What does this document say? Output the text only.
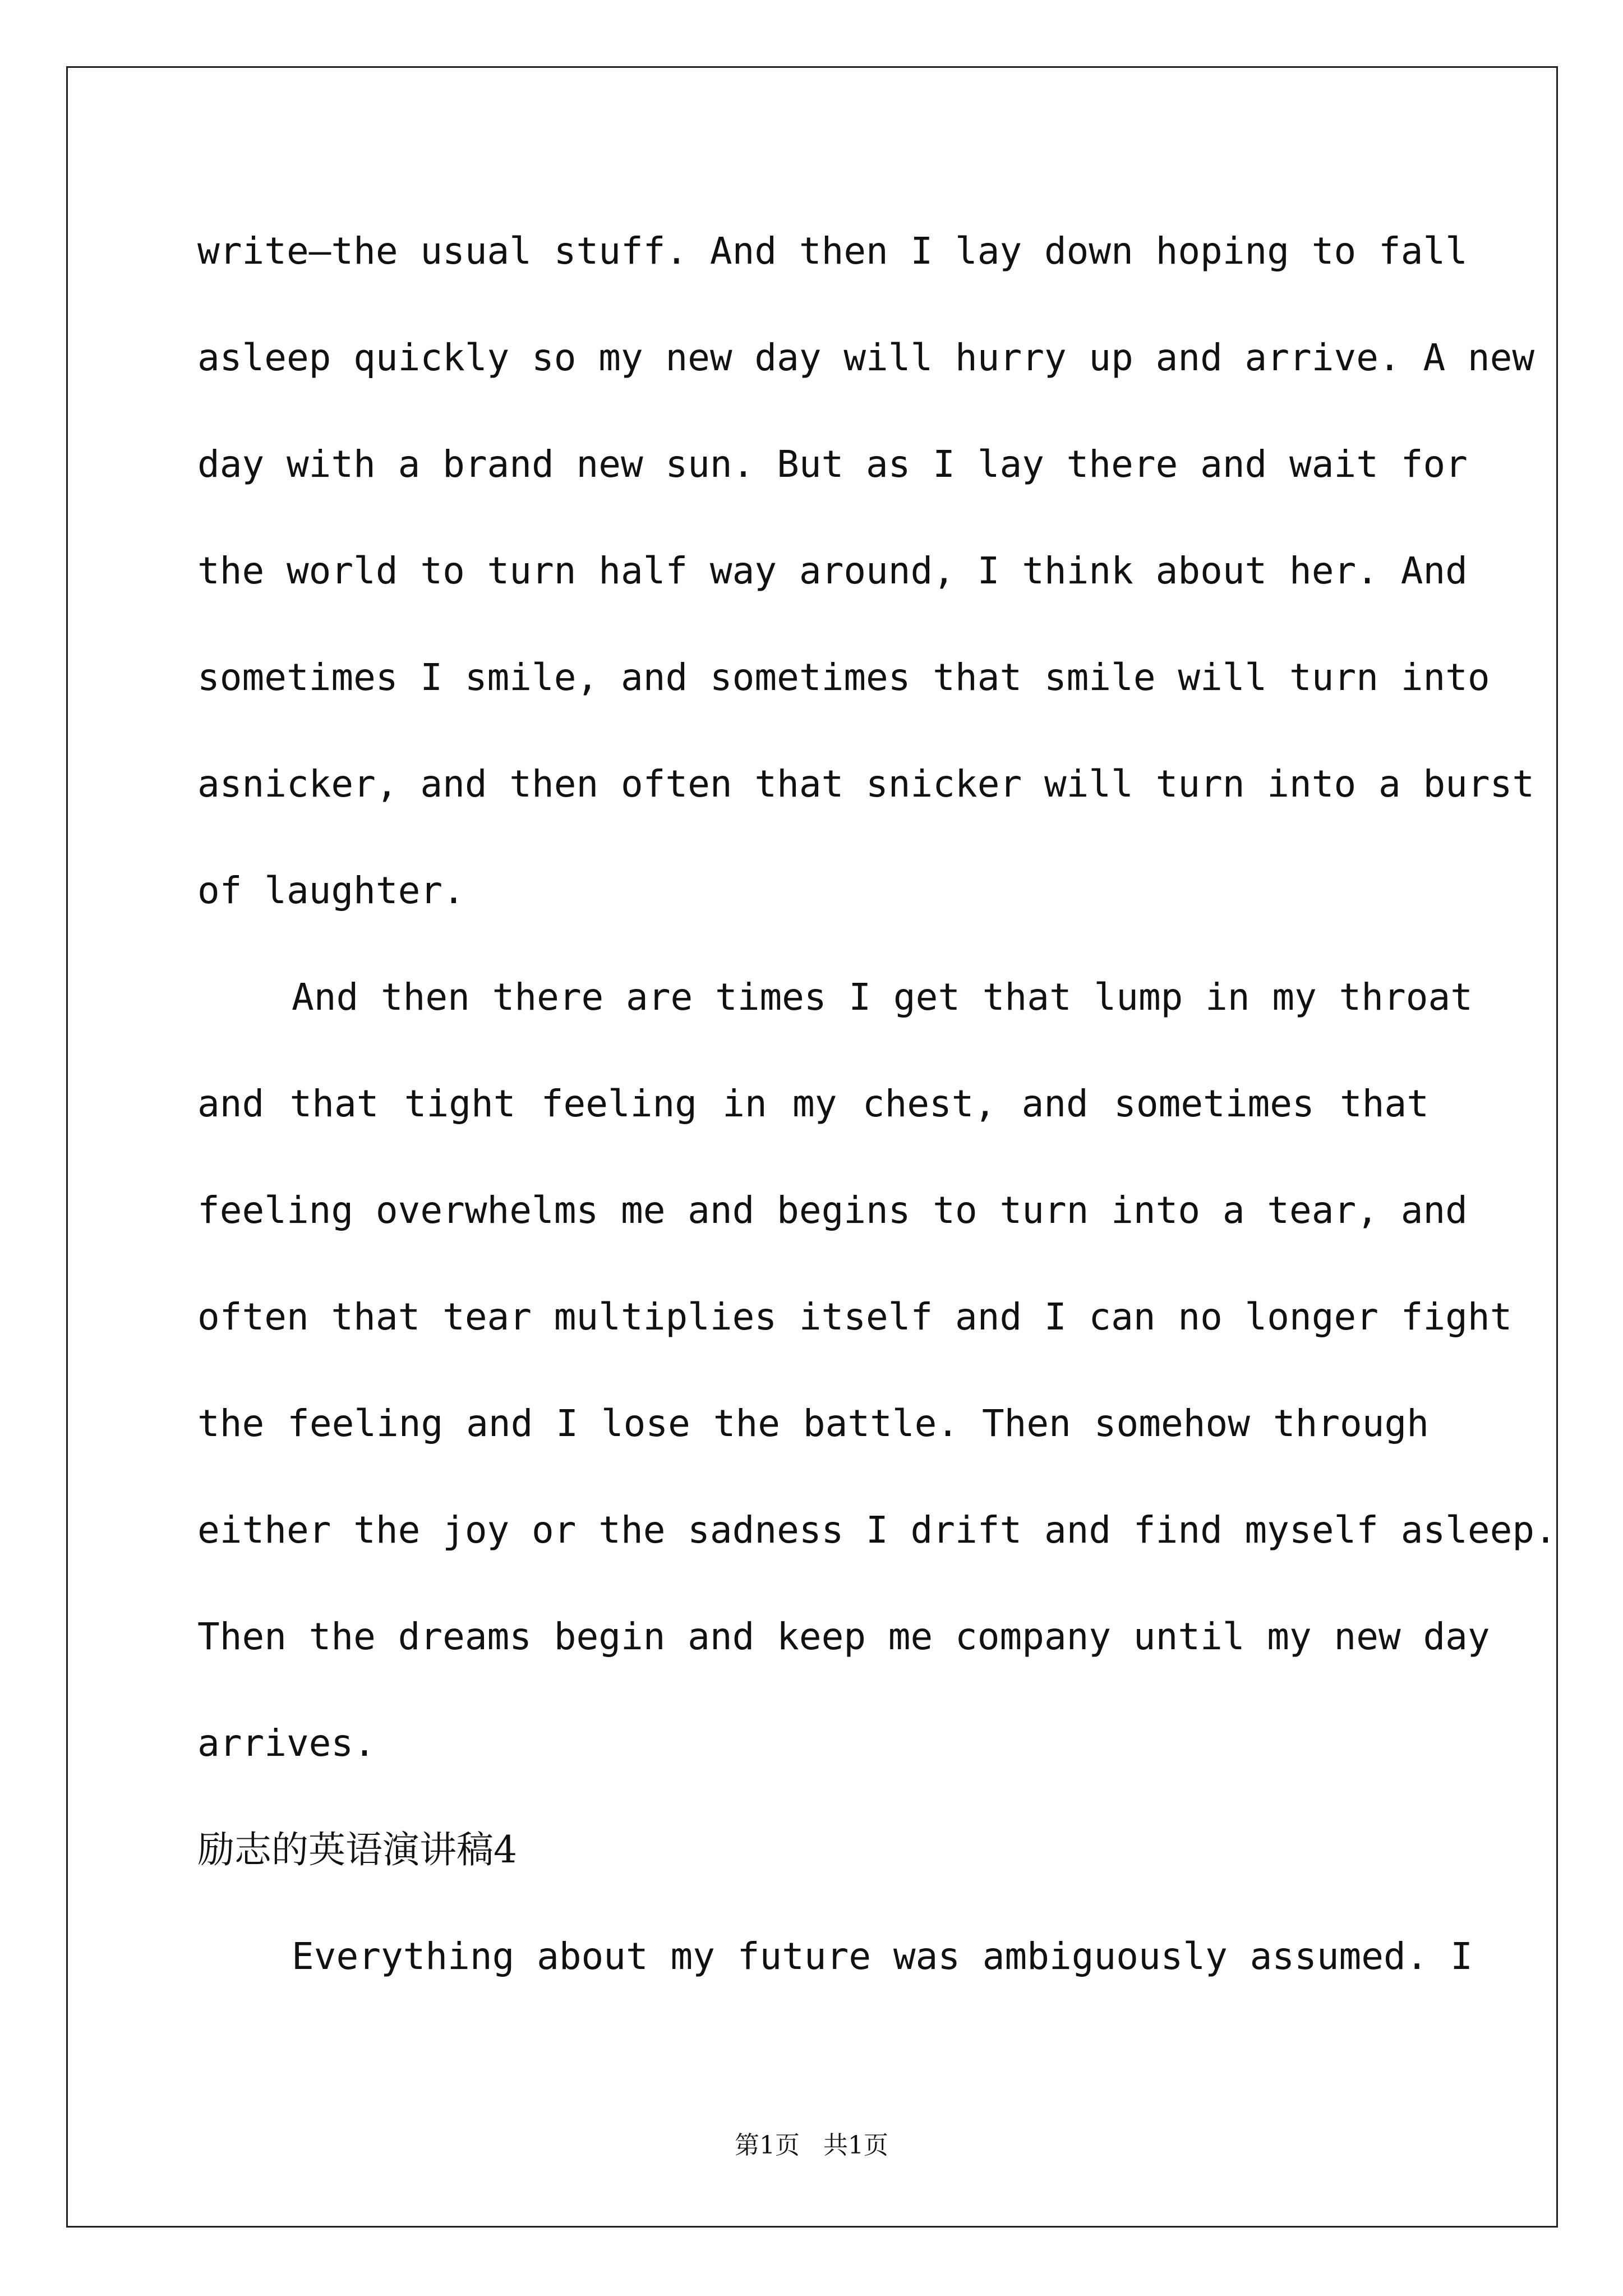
write—the usual stuff. And then I lay down hoping to fall
asleep quickly so my new day will hurry up and arrive. A new
day with a brand new sun. But as I lay there and wait for
the world to turn half way around, I think about her. And
sometimes I smile, and sometimes that smile will turn into
asnicker, and then often that snicker will turn into a burst
of laughter.
And then there are times I get that lump in my throat
and that tight feeling in my chest, and sometimes that
feeling overwhelms me and begins to turn into a tear, and
often that tear multiplies itself and I can no longer fight
the feeling and I lose the battle. Then somehow through
either the joy or the sadness I drift and find myself asleep.
Then the dreams begin and keep me company until my new day
arrives.
励志的英语演讲稿4
Everything about my future was ambiguously assumed. I
第1页 共1页
